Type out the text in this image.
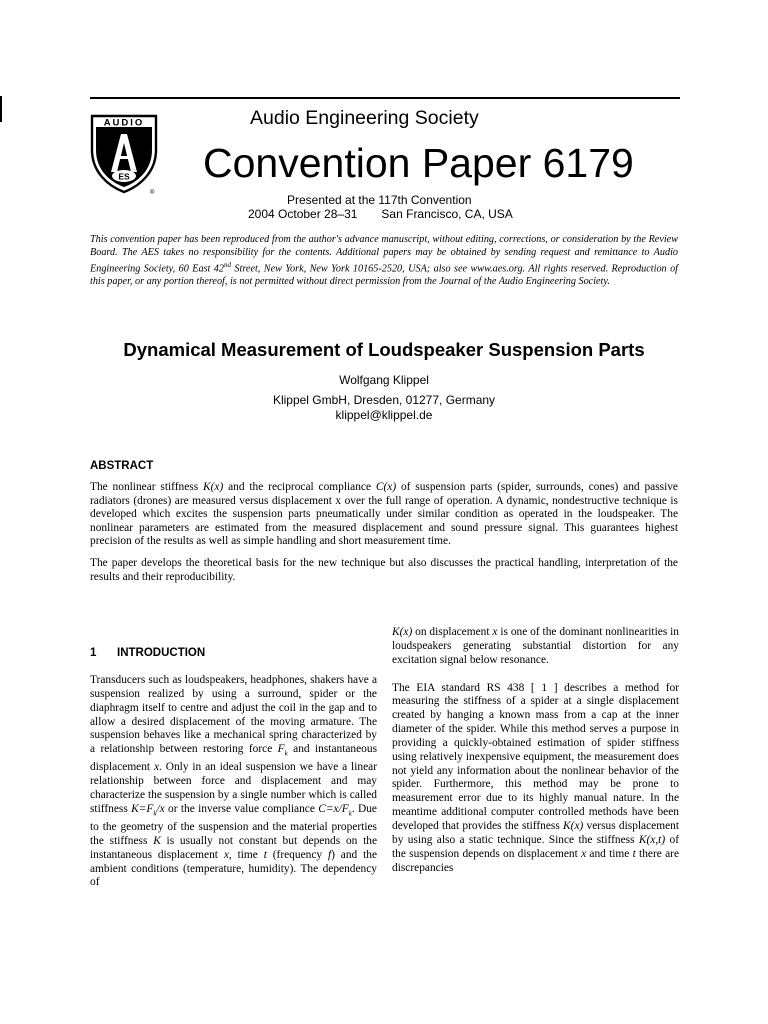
AUDIO
ES
®
Audio Engineering Society
Convention Paper 6179
Presented at the 117th Convention
2004 October 28–31 San Francisco, CA, USA
This convention paper has been reproduced from the author's advance manuscript, without editing, corrections, or consideration by the Review Board. The AES takes no responsibility for the contents. Additional papers may be obtained by sending request and remittance to Audio Engineering Society, 60 East 42nd Street, New York, New York 10165-2520, USA; also see www.aes.org. All rights reserved. Reproduction of this paper, or any portion thereof, is not permitted without direct permission from the Journal of the Audio Engineering Society.
Dynamical Measurement of Loudspeaker Suspension Parts
Wolfgang Klippel
Klippel GmbH, Dresden, 01277, Germany
klippel@klippel.de
ABSTRACT

The nonlinear stiffness K(x) and the reciprocal compliance C(x) of suspension parts (spider, surrounds, cones) and passive radiators (drones) are measured versus displacement x over the full range of operation. A dynamic, nondestructive technique is developed which excites the suspension parts pneumatically under similar condition as operated in the loudspeaker. The nonlinear parameters are estimated from the measured displacement and sound pressure signal. This guarantees highest precision of the results as well as simple handling and short measurement time.

The paper develops the theoretical basis for the new technique but also discusses the practical handling, interpretation of the results and their reproducibility.

1 INTRODUCTION

Transducers such as loudspeakers, headphones, shakers have a suspension realized by using a surround, spider or the diaphragm itself to centre and adjust the coil in the gap and to allow a desired displacement of the moving armature. The suspension behaves like a mechanical spring characterized by a relationship between restoring force $F_k$ and instantaneous displacement x. Only in an ideal suspension we have a linear relationship between force and displacement and may characterize the suspension by a single number which is called stiffness $K=F_k/x$ or the inverse value compliance $C=x/F_k$. Due to the geometry of the suspension and the material properties the stiffness K is usually not constant but depends on the instantaneous displacement x, time t (frequency f) and the ambient conditions (temperature, humidity). The dependency of

K(x) on displacement x is one of the dominant nonlinearities in loudspeakers generating substantial distortion for any excitation signal below resonance.

The EIA standard RS 438 [ 1 ] describes a method for measuring the stiffness of a spider at a single displacement created by hanging a known mass from a cap at the inner diameter of the spider. While this method serves a purpose in providing a quickly-obtained estimation of spider stiffness using relatively inexpensive equipment, the measurement does not yield any information about the nonlinear behavior of the spider. Furthermore, this method may be prone to measurement error due to its highly manual nature. In the meantime additional computer controlled methods have been developed that provides the stiffness K(x) versus displacement by using also a static technique. Since the stiffness K(x,t) of the suspension depends on displacement x and time t there are discrepancies
